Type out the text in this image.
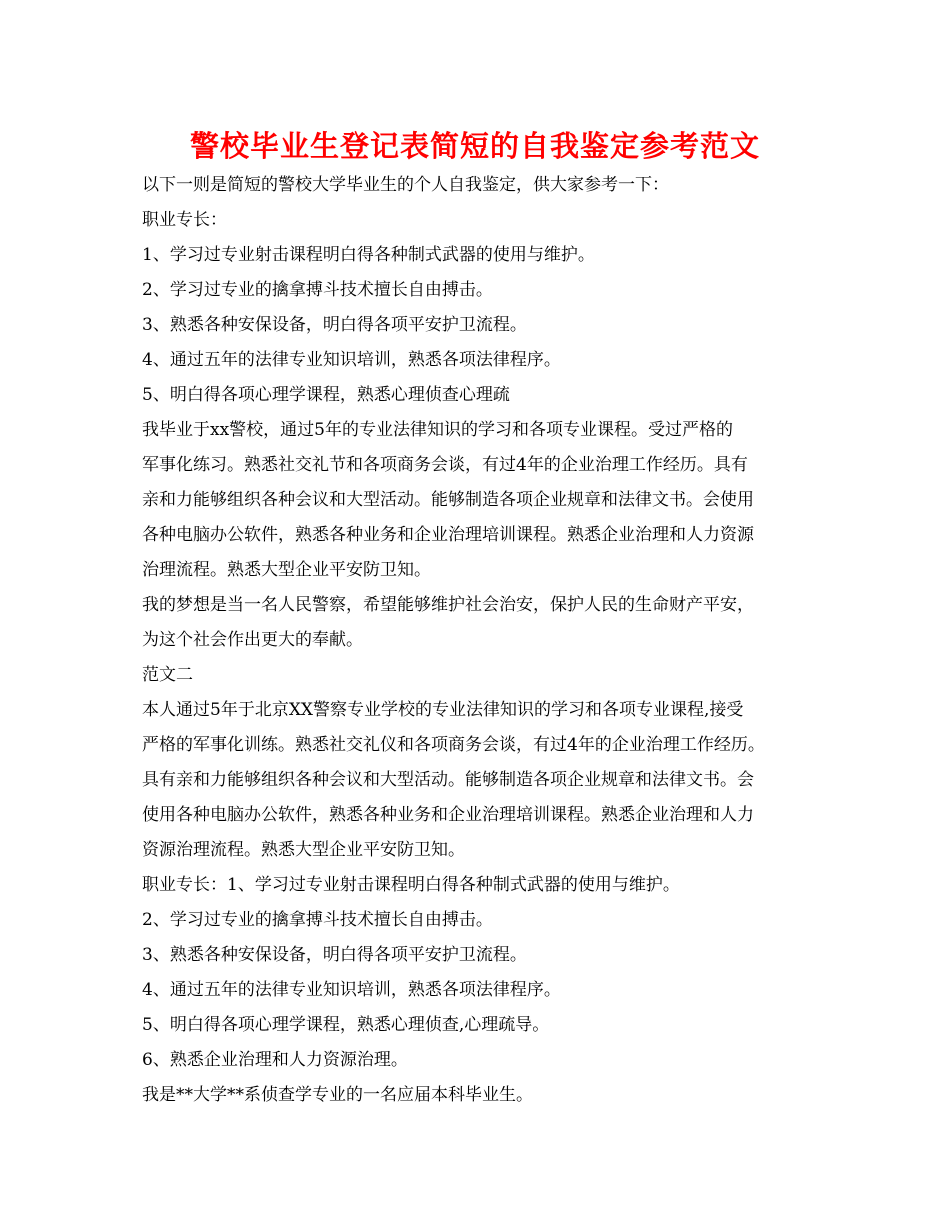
警校毕业生登记表简短的自我鉴定参考范文

以下一则是简短的警校大学毕业生的个人自我鉴定，供大家参考一下：

职业专长：

1、学习过专业射击课程明白得各种制式武器的使用与维护。

2、学习过专业的擒拿搏斗技术擅长自由搏击。

3、熟悉各种安保设备，明白得各项平安护卫流程。

4、通过五年的法律专业知识培训，熟悉各项法律程序。

5、明白得各项心理学课程，熟悉心理侦查心理疏

我毕业于xx警校，通过5年的专业法律知识的学习和各项专业课程。受过严格的
军事化练习。熟悉社交礼节和各项商务会谈，有过4年的企业治理工作经历。具有
亲和力能够组织各种会议和大型活动。能够制造各项企业规章和法律文书。会使用
各种电脑办公软件，熟悉各种业务和企业治理培训课程。熟悉企业治理和人力资源
治理流程。熟悉大型企业平安防卫知。
我的梦想是当一名人民警察，希望能够维护社会治安，保护人民的生命财产平安，
为这个社会作出更大的奉献。

范文二

本人通过5年于北京XX警察专业学校的专业法律知识的学习和各项专业课程,接受
严格的军事化训练。熟悉社交礼仪和各项商务会谈，有过4年的企业治理工作经历。
具有亲和力能够组织各种会议和大型活动。能够制造各项企业规章和法律文书。会
使用各种电脑办公软件，熟悉各种业务和企业治理培训课程。熟悉企业治理和人力
资源治理流程。熟悉大型企业平安防卫知。

职业专长：1、学习过专业射击课程明白得各种制式武器的使用与维护。

2、学习过专业的擒拿搏斗技术擅长自由搏击。

3、熟悉各种安保设备，明白得各项平安护卫流程。

4、通过五年的法律专业知识培训，熟悉各项法律程序。

5、明白得各项心理学课程，熟悉心理侦查,心理疏导。

6、熟悉企业治理和人力资源治理。

我是**大学**系侦查学专业的一名应届本科毕业生。
